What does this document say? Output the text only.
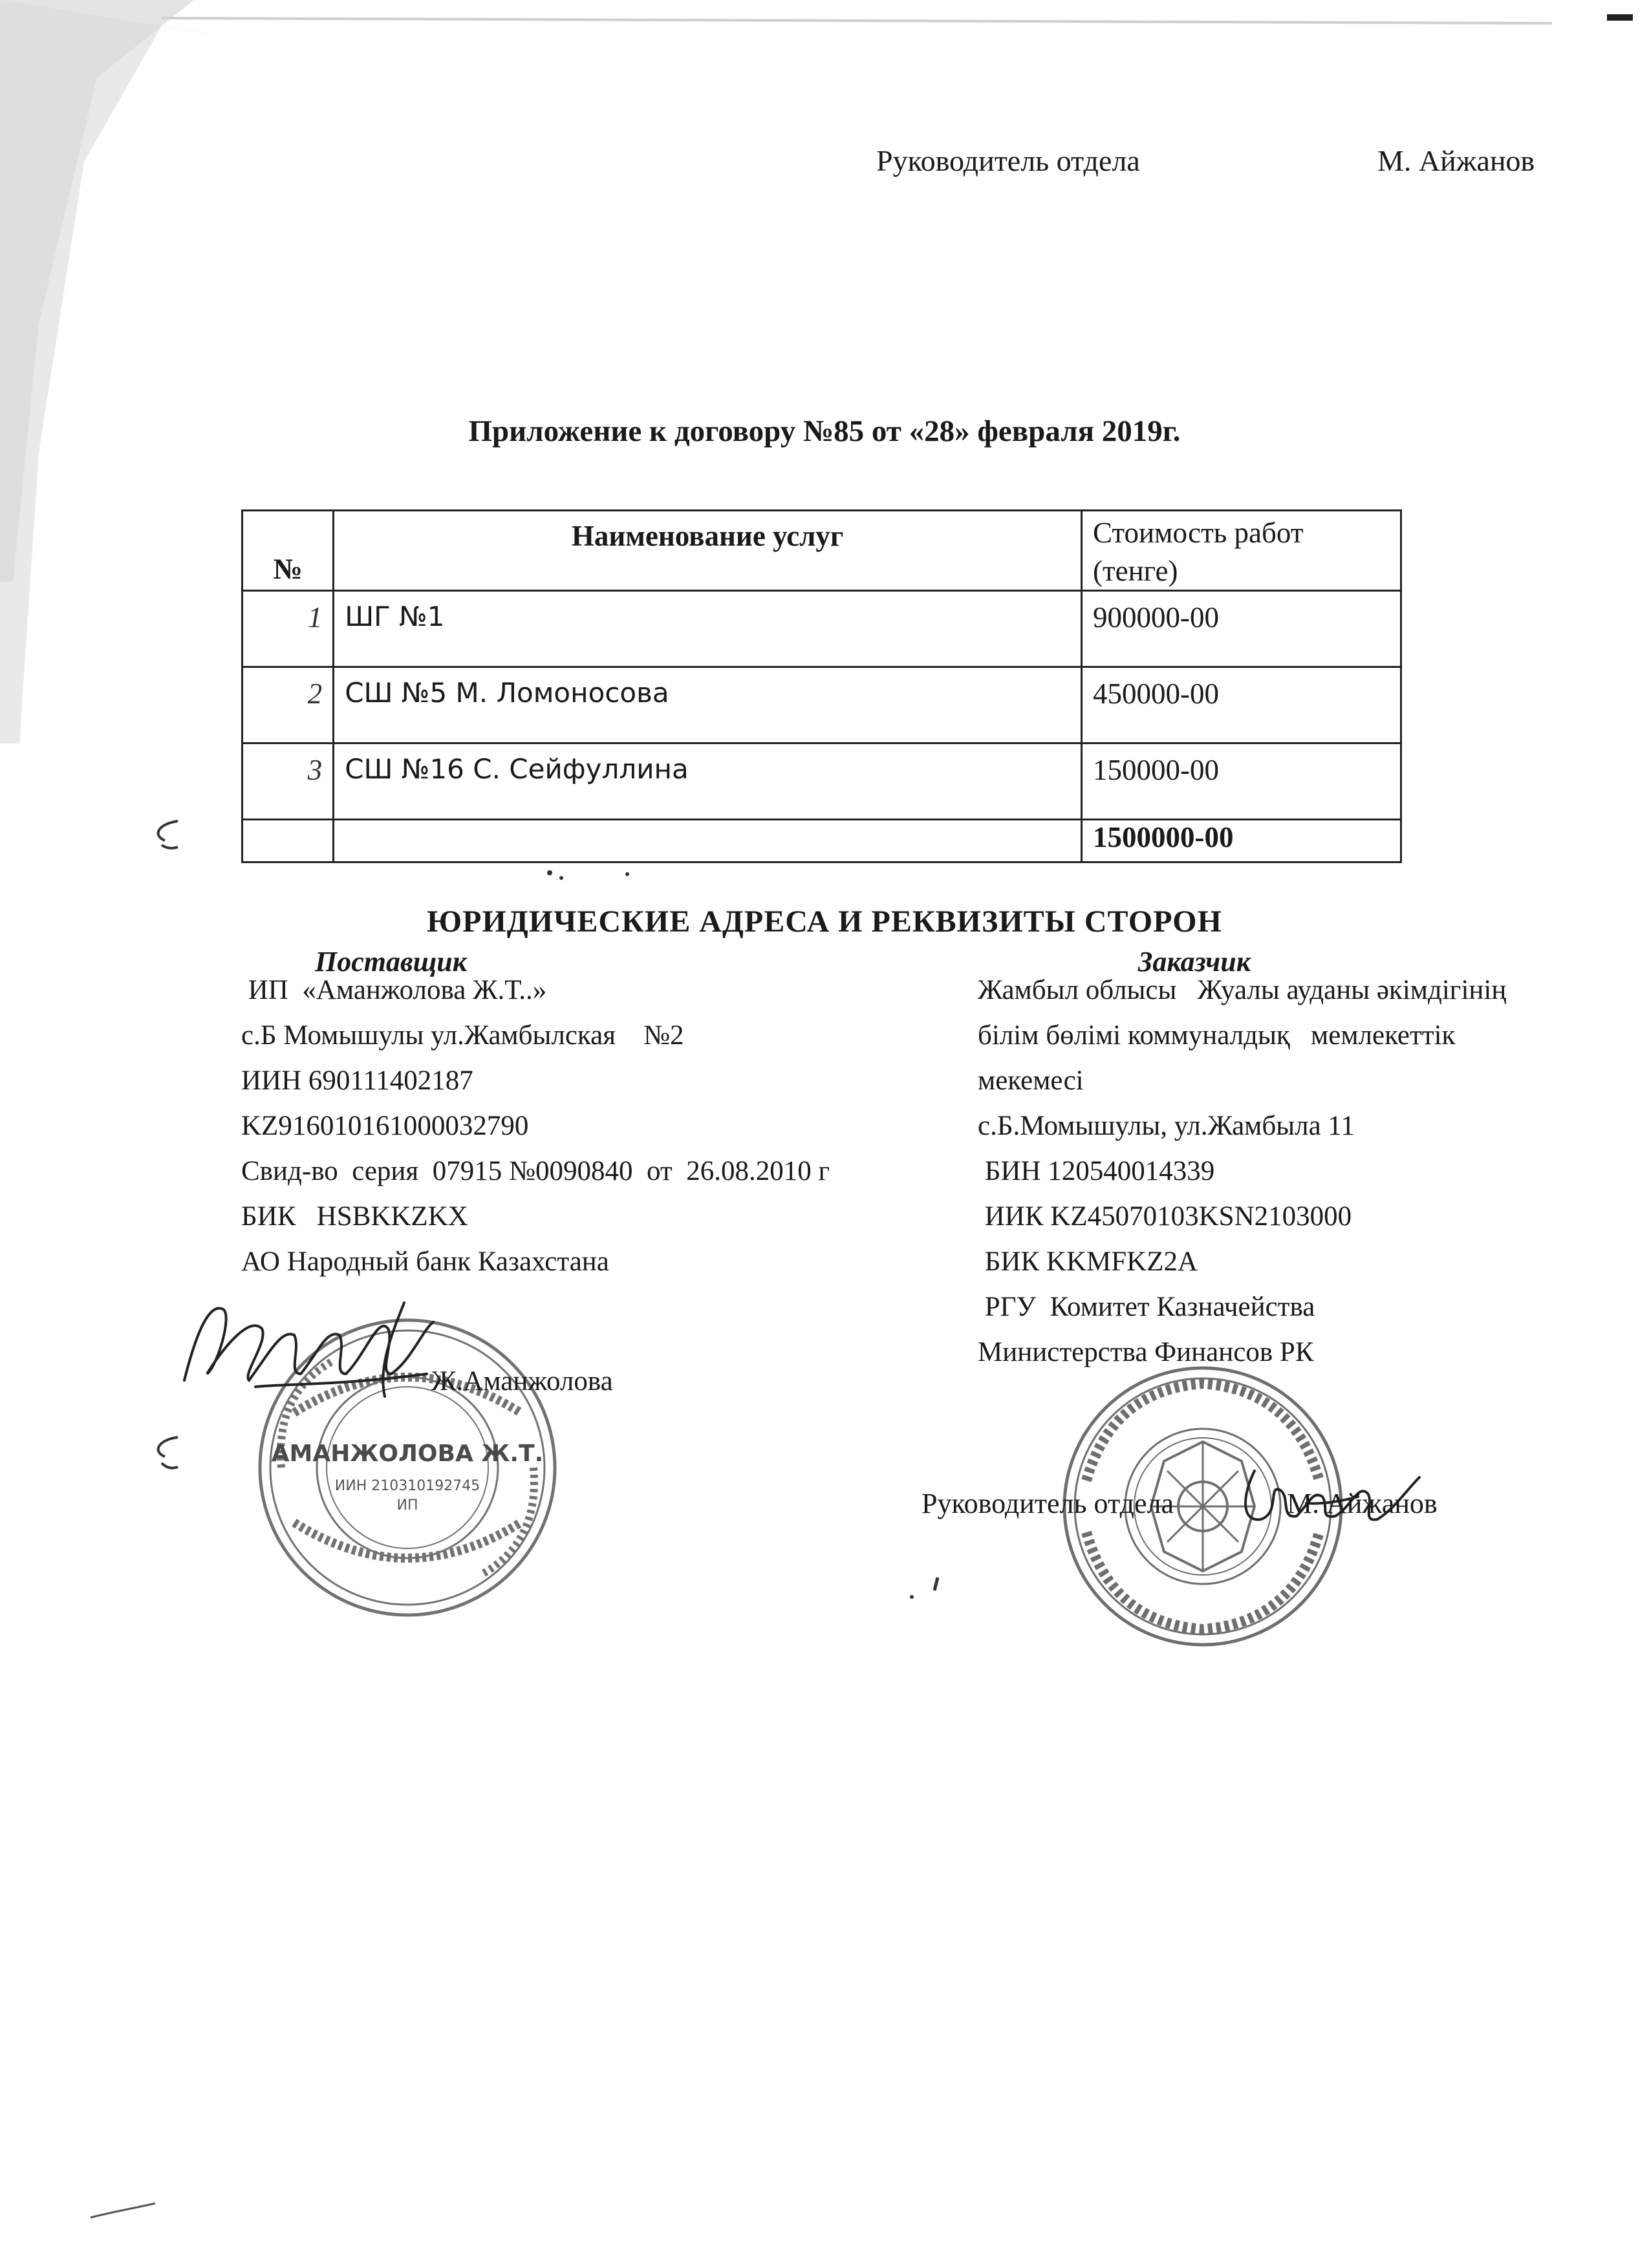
Руководитель отдела	М. Айжанов
Приложение к договору №85 от «28» февраля 2019г.
№	Наименование услуг	Стоимость работ
(тенге)

1	ШГ №1	900000-00
2	СШ №5 М. Ломоносова	450000-00
3	СШ №16 С. Сейфуллина	150000-00
		1500000-00
ЮРИДИЧЕСКИЕ АДРЕСА И РЕКВИЗИТЫ СТОРОН
Поставщик	Заказчик
ИП  «Аманжолова Ж.Т..»
с.Б Момышулы ул.Жамбылская    №2
ИИН 690111402187
KZ916010161000032790
Свид-во  серия  07915 №0090840  от  26.08.2010 г
БИК   HSBKKZKX
АО Народный банк Казахстана
Жамбыл облысы   Жуалы ауданы әкімдігінің
білім бөлімі коммуналдық   мемлекеттік
мекемесі
с.Б.Момышулы, ул.Жамбыла 11
БИН 120540014339
ИИК KZ45070103KSN2103000
БИК KKMFKZ2A
РГУ  Комитет Казначейства
Министерства Финансов РК
АМАНЖОЛОВА Ж.Т.
ИИН 210310192745
ИП
Ж.Аманжолова
Руководитель отдела	М. Айжанов
